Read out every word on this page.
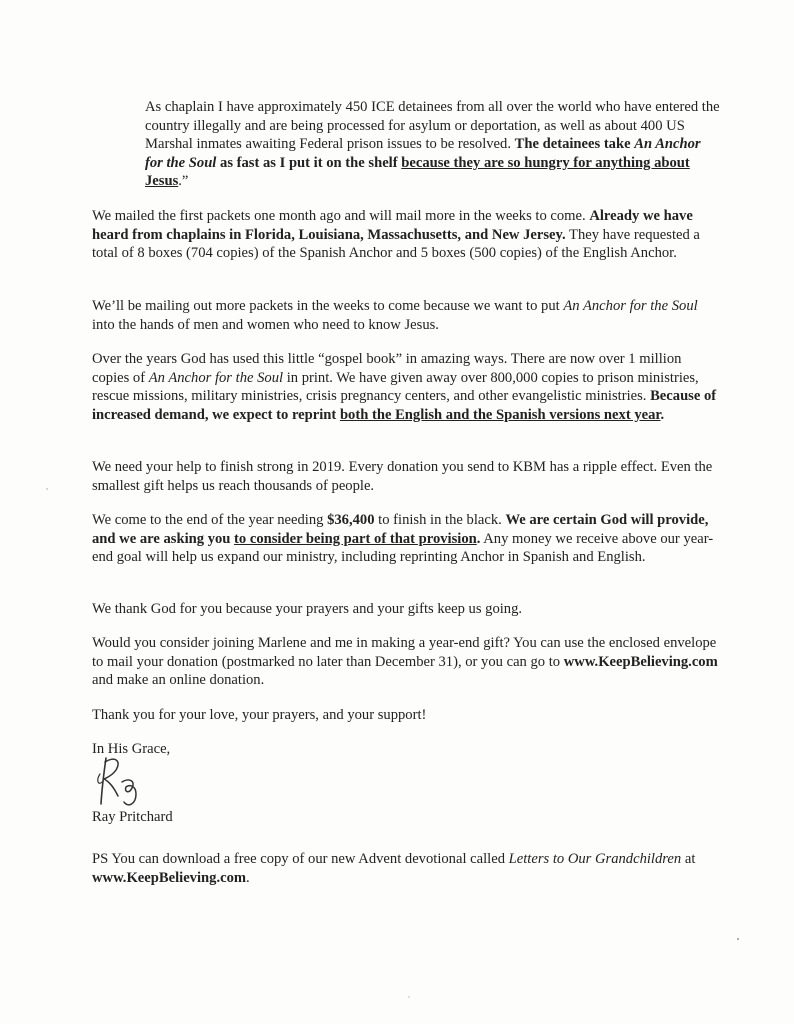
As chaplain I have approximately 450 ICE detainees from all over the world who have entered the country illegally and are being processed for asylum or deportation, as well as about 400 US Marshal inmates awaiting Federal prison issues to be resolved. The detainees take An Anchor for the Soul as fast as I put it on the shelf because they are so hungry for anything about Jesus.”

We mailed the first packets one month ago and will mail more in the weeks to come. Already we have heard from chaplains in Florida, Louisiana, Massachusetts, and New Jersey. They have requested a total of 8 boxes (704 copies) of the Spanish Anchor and 5 boxes (500 copies) of the English Anchor.

We’ll be mailing out more packets in the weeks to come because we want to put An Anchor for the Soul into the hands of men and women who need to know Jesus.

Over the years God has used this little “gospel book” in amazing ways. There are now over 1 million copies of An Anchor for the Soul in print. We have given away over 800,000 copies to prison ministries, rescue missions, military ministries, crisis pregnancy centers, and other evangelistic ministries. Because of increased demand, we expect to reprint both the English and the Spanish versions next year.

We need your help to finish strong in 2019. Every donation you send to KBM has a ripple effect. Even the smallest gift helps us reach thousands of people.

We come to the end of the year needing $36,400 to finish in the black. We are certain God will provide, and we are asking you to consider being part of that provision. Any money we receive above our year-end goal will help us expand our ministry, including reprinting Anchor in Spanish and English.

We thank God for you because your prayers and your gifts keep us going.

Would you consider joining Marlene and me in making a year-end gift? You can use the enclosed envelope to mail your donation (postmarked no later than December 31), or you can go to www.KeepBelieving.com and make an online donation.

Thank you for your love, your prayers, and your support!

In His Grace,

Ray Pritchard

PS You can download a free copy of our new Advent devotional called Letters to Our Grandchildren at www.KeepBelieving.com.
